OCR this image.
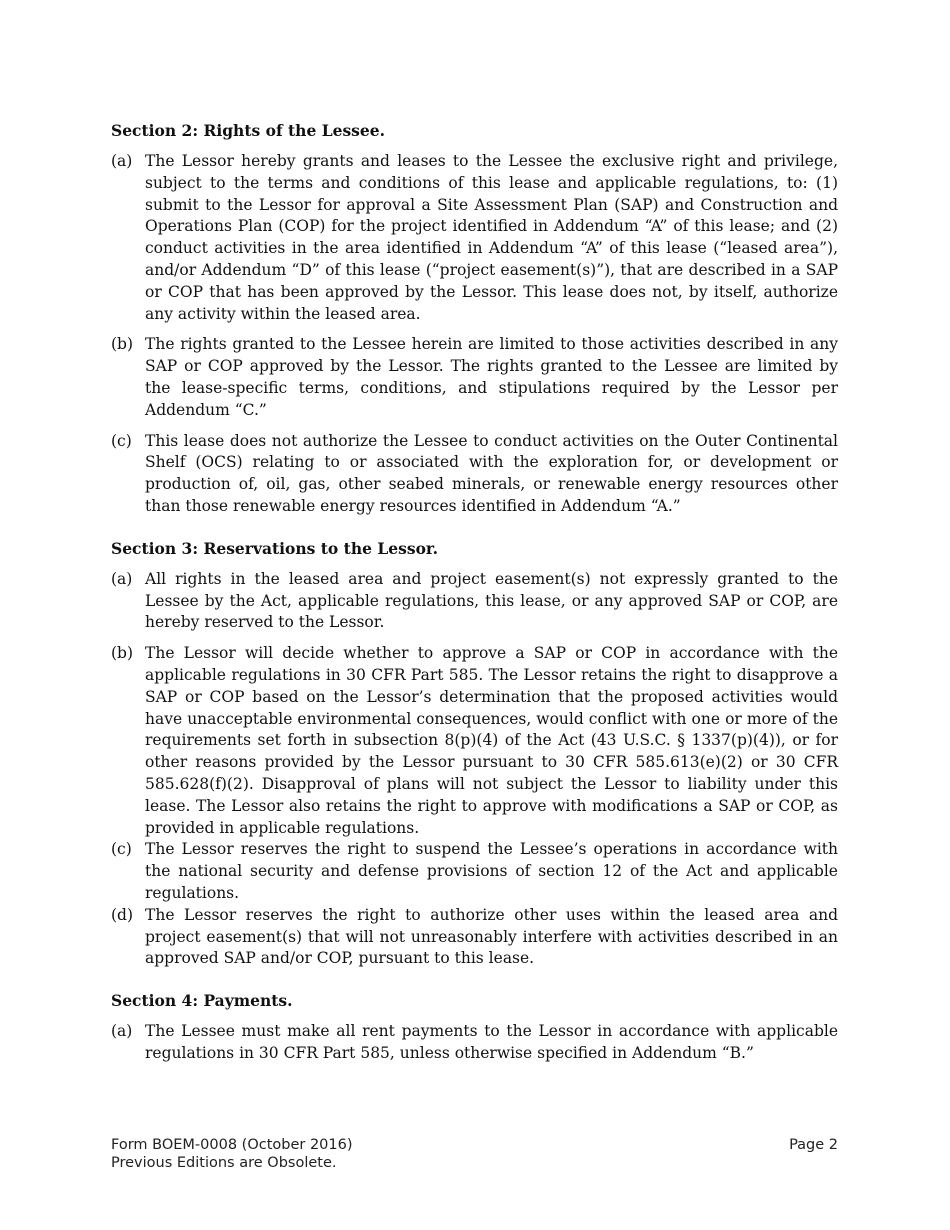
Section 2: Rights of the Lessee.
(a) The Lessor hereby grants and leases to the Lessee the exclusive right and privilege, subject to the terms and conditions of this lease and applicable regulations, to: (1) submit to the Lessor for approval a Site Assessment Plan (SAP) and Construction and Operations Plan (COP) for the project identified in Addendum “A” of this lease; and (2) conduct activities in the area identified in Addendum “A” of this lease (“leased area”), and/or Addendum “D” of this lease (“project easement(s)”), that are described in a SAP or COP that has been approved by the Lessor. This lease does not, by itself, authorize any activity within the leased area.
(b) The rights granted to the Lessee herein are limited to those activities described in any SAP or COP approved by the Lessor. The rights granted to the Lessee are limited by the lease-specific terms, conditions, and stipulations required by the Lessor per Addendum “C.”
(c) This lease does not authorize the Lessee to conduct activities on the Outer Continental Shelf (OCS) relating to or associated with the exploration for, or development or production of, oil, gas, other seabed minerals, or renewable energy resources other than those renewable energy resources identified in Addendum “A.”
Section 3: Reservations to the Lessor.
(a) All rights in the leased area and project easement(s) not expressly granted to the Lessee by the Act, applicable regulations, this lease, or any approved SAP or COP, are hereby reserved to the Lessor.
(b) The Lessor will decide whether to approve a SAP or COP in accordance with the applicable regulations in 30 CFR Part 585. The Lessor retains the right to disapprove a SAP or COP based on the Lessor’s determination that the proposed activities would have unacceptable environmental consequences, would conflict with one or more of the requirements set forth in subsection 8(p)(4) of the Act (43 U.S.C. § 1337(p)(4)), or for other reasons provided by the Lessor pursuant to 30 CFR 585.613(e)(2) or 30 CFR 585.628(f)(2). Disapproval of plans will not subject the Lessor to liability under this lease. The Lessor also retains the right to approve with modifications a SAP or COP, as provided in applicable regulations.
(c) The Lessor reserves the right to suspend the Lessee’s operations in accordance with the national security and defense provisions of section 12 of the Act and applicable regulations.
(d) The Lessor reserves the right to authorize other uses within the leased area and project easement(s) that will not unreasonably interfere with activities described in an approved SAP and/or COP, pursuant to this lease.
Section 4: Payments.
(a) The Lessee must make all rent payments to the Lessor in accordance with applicable regulations in 30 CFR Part 585, unless otherwise specified in Addendum “B.”
Form BOEM-0008 (October 2016)	Page 2
Previous Editions are Obsolete.
